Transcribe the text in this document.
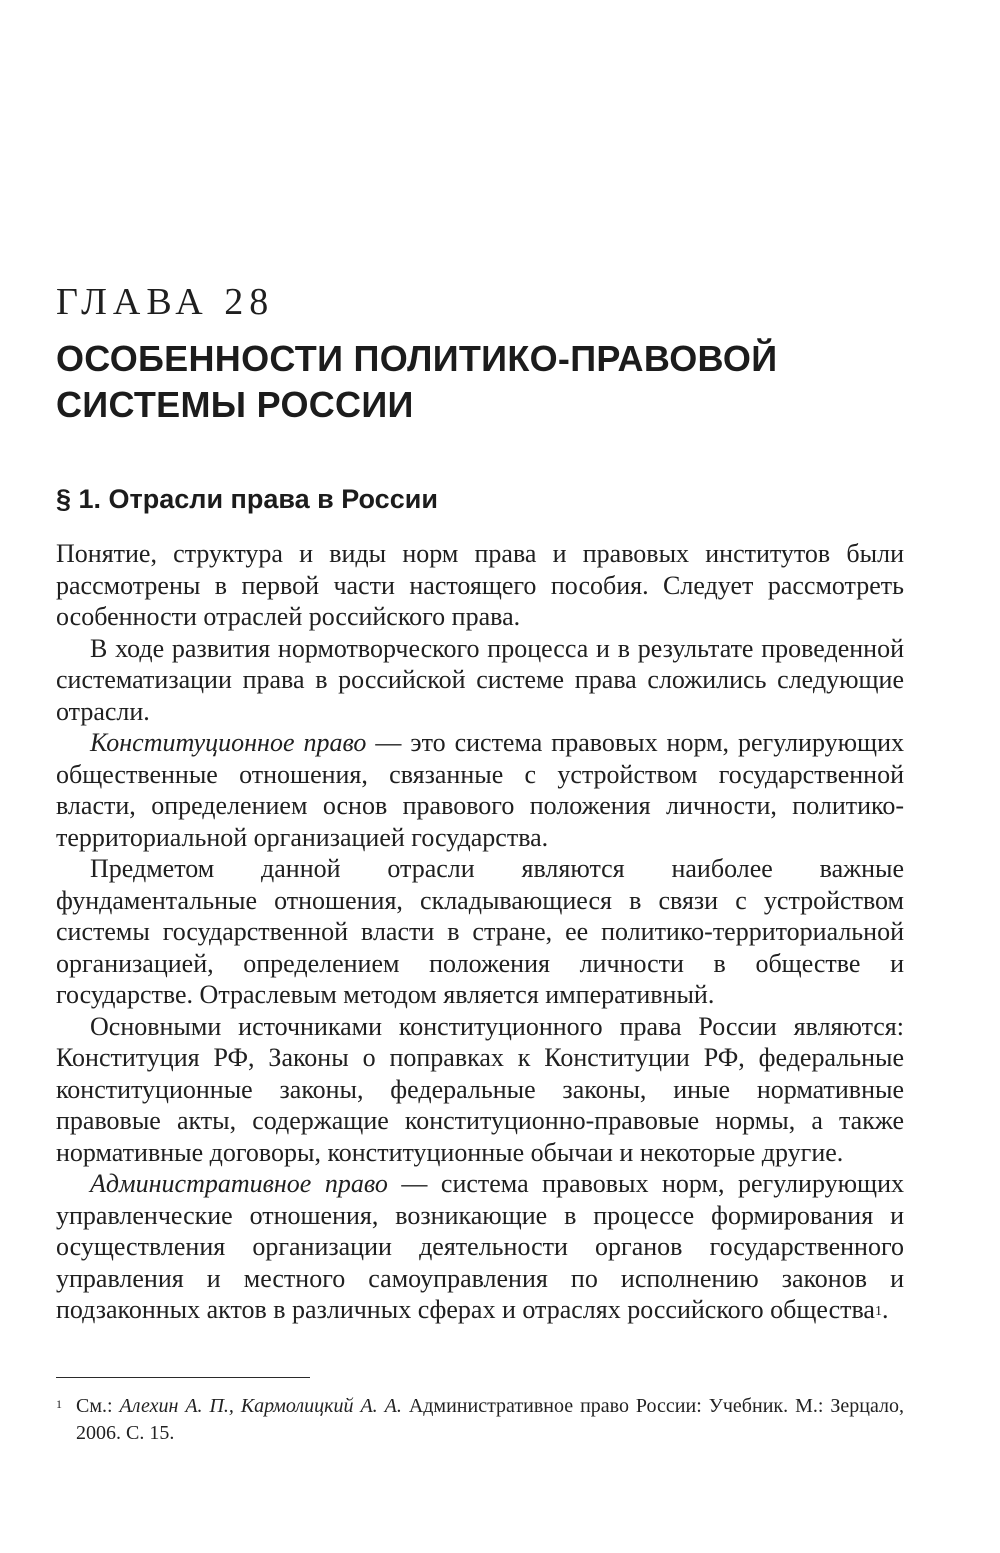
ГЛАВА 28
ОСОБЕННОСТИ ПОЛИТИКО-ПРАВОВОЙ
СИСТЕМЫ РОССИИ
§ 1. Отрасли права в России

Понятие, структура и виды норм права и правовых институтов были рассмотрены в первой части настоящего пособия. Следует рассмотреть особенности отраслей российского права.

В ходе развития нормотворческого процесса и в результате проведенной систематизации права в российской системе права сложились следующие отрасли.

Конституционное право — это система правовых норм, регулирующих общественные отношения, связанные с устройством государственной власти, определением основ правового положения личности, политико-территориальной организацией государства.

Предметом данной отрасли являются наиболее важные фундаментальные отношения, складывающиеся в связи с устройством системы государственной власти в стране, ее политико-территориальной организацией, определением положения личности в обществе и государстве. Отраслевым методом является императивный.

Основными источниками конституционного права России являются: Конституция РФ, Законы о поправках к Конституции РФ, федеральные конституционные законы, федеральные законы, иные нормативные правовые акты, содержащие конституционно-правовые нормы, а также нормативные договоры, конституционные обычаи и некоторые другие.

Административное право — система правовых норм, регулирующих управленческие отношения, возникающие в процессе формирования и осуществления организации деятельности органов государственного управления и местного самоуправления по исполнению законов и подзаконных актов в различных сферах и отраслях российского общества$^1$.

1 См.: Алехин А. П., Кармолицкий А. А. Административное право России: Учебник. М.: Зерцало, 2006. С. 15.
